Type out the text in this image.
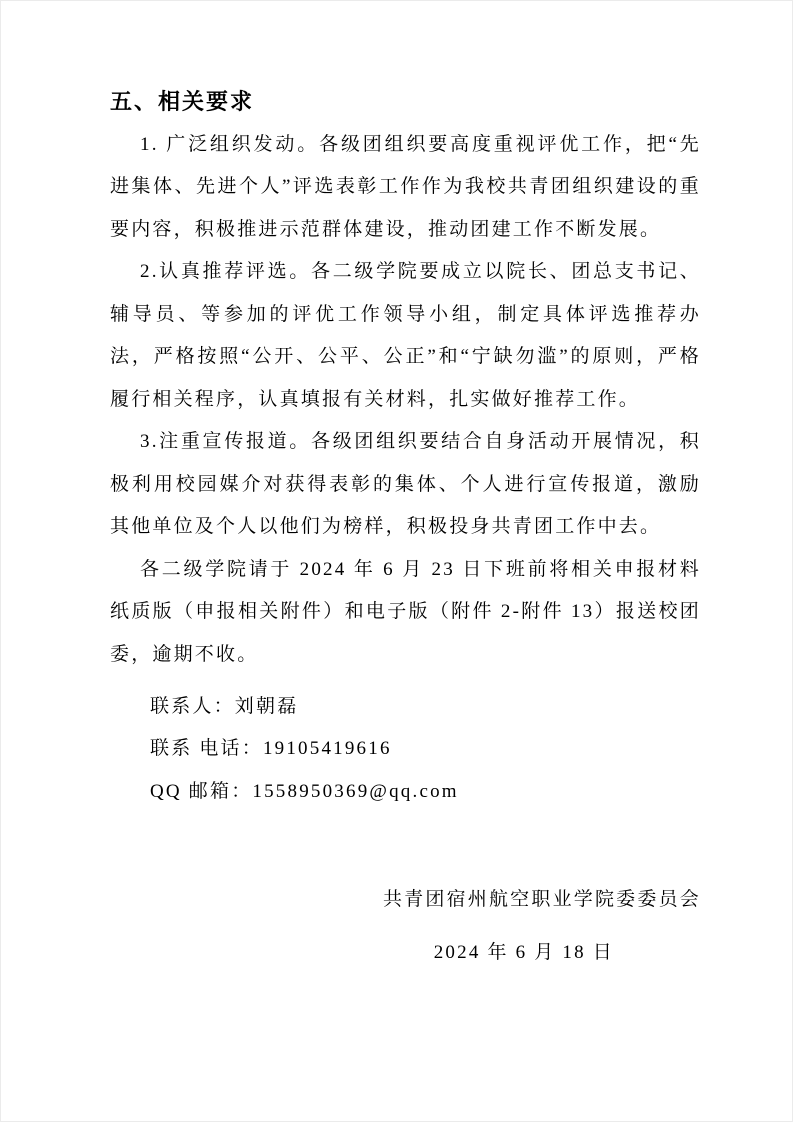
五、相关要求

1. 广泛组织发动。各级团组织要高度重视评优工作，把“先进集体、先进个人”评选表彰工作作为我校共青团组织建设的重要内容，积极推进示范群体建设，推动团建工作不断发展。

2.认真推荐评选。各二级学院要成立以院长、团总支书记、辅导员、等参加的评优工作领导小组，制定具体评选推荐办法，严格按照“公开、公平、公正”和“宁缺勿滥”的原则，严格履行相关程序，认真填报有关材料，扎实做好推荐工作。

3.注重宣传报道。各级团组织要结合自身活动开展情况，积极利用校园媒介对获得表彰的集体、个人进行宣传报道，激励其他单位及个人以他们为榜样，积极投身共青团工作中去。

各二级学院请于 2024 年 6 月 23 日下班前将相关申报材料纸质版（申报相关附件）和电子版（附件 2-附件 13）报送校团委，逾期不收。

联系人：刘朝磊

联系 电话：19105419616

QQ 邮箱：1558950369@qq.com

共青团宿州航空职业学院委委员会

2024 年 6 月 18 日
